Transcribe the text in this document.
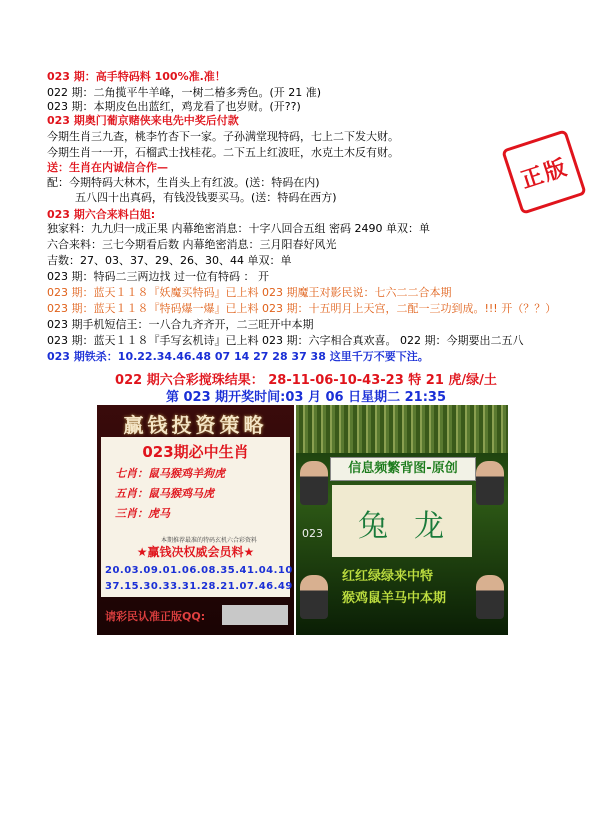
023 期：高手特码料 100%准.准！
022 期：二角揽平牛羊峰，一树二椿多秀色。(开 21 准)
023 期：本期皮色出蓝红，鸡龙看了也岁财。(开??)
023 期奥门葡京赌侠来电先中奖后付款
今期生肖三九查，桃李竹杏下一家。子孙满堂现特码，七上二下发大财。
今期生肖一一开，石榴武士找桂花。二下五上红波旺，水克土木反有财。
送：生肖在内诚信合作—
配：今期特码大林木，生肖头上有红波。(送：特码在内)
五八四十出真码，有钱没钱要买马。(送：特码在西方)
023 期六合来料白姐:
独家料：九九归一成正果 内幕绝密消息：十字八回合五组 密码 2490 单双：单
六合来料：三七今期看后数 内幕绝密消息：三月阳春好风光
吉数：27、03、37、29、26、30、44 单双：单
023 期：特码二三两边找 过一位有特码 ： 开
023 期：蓝天１１８『妖魔买特码』已上料 023 期魔王对影民说：七六二二合本期
023 期：蓝天１１８『特码爆一爆』已上料 023 期：十五明月上天宫，二配一三功到成。!!! 开（？？）
023 期手机短信王：一八合九齐齐开，二三旺开中本期
023 期：蓝天１１８『手写玄机诗』已上料 023 期：六字相合真欢喜。 022 期：今期要出二五八
023 期铁杀：10.22.34.46.48 07 14 27 28 37 38 这里千万不要下注。
正版
022 期六合彩搅珠结果： 28-11-06-10-43-23 特 21 虎/绿/土
第 023 期开奖时间:03 月 06 日星期二 21:35
赢钱投资策略
023期必中生肖
七肖：鼠马猴鸡羊狗虎
五肖：鼠马猴鸡马虎
三肖：虎马
本期推荐最准的特码玄机六合彩资料
★赢钱决权威会员料★
20.03.09.01.06.08.35.41.04.10
37.15.30.33.31.28.21.07.46.49
请彩民认准正版QQ:
信息频繁背图-原创
兔 龙
023
红红绿绿来中特
猴鸡鼠羊马中本期
